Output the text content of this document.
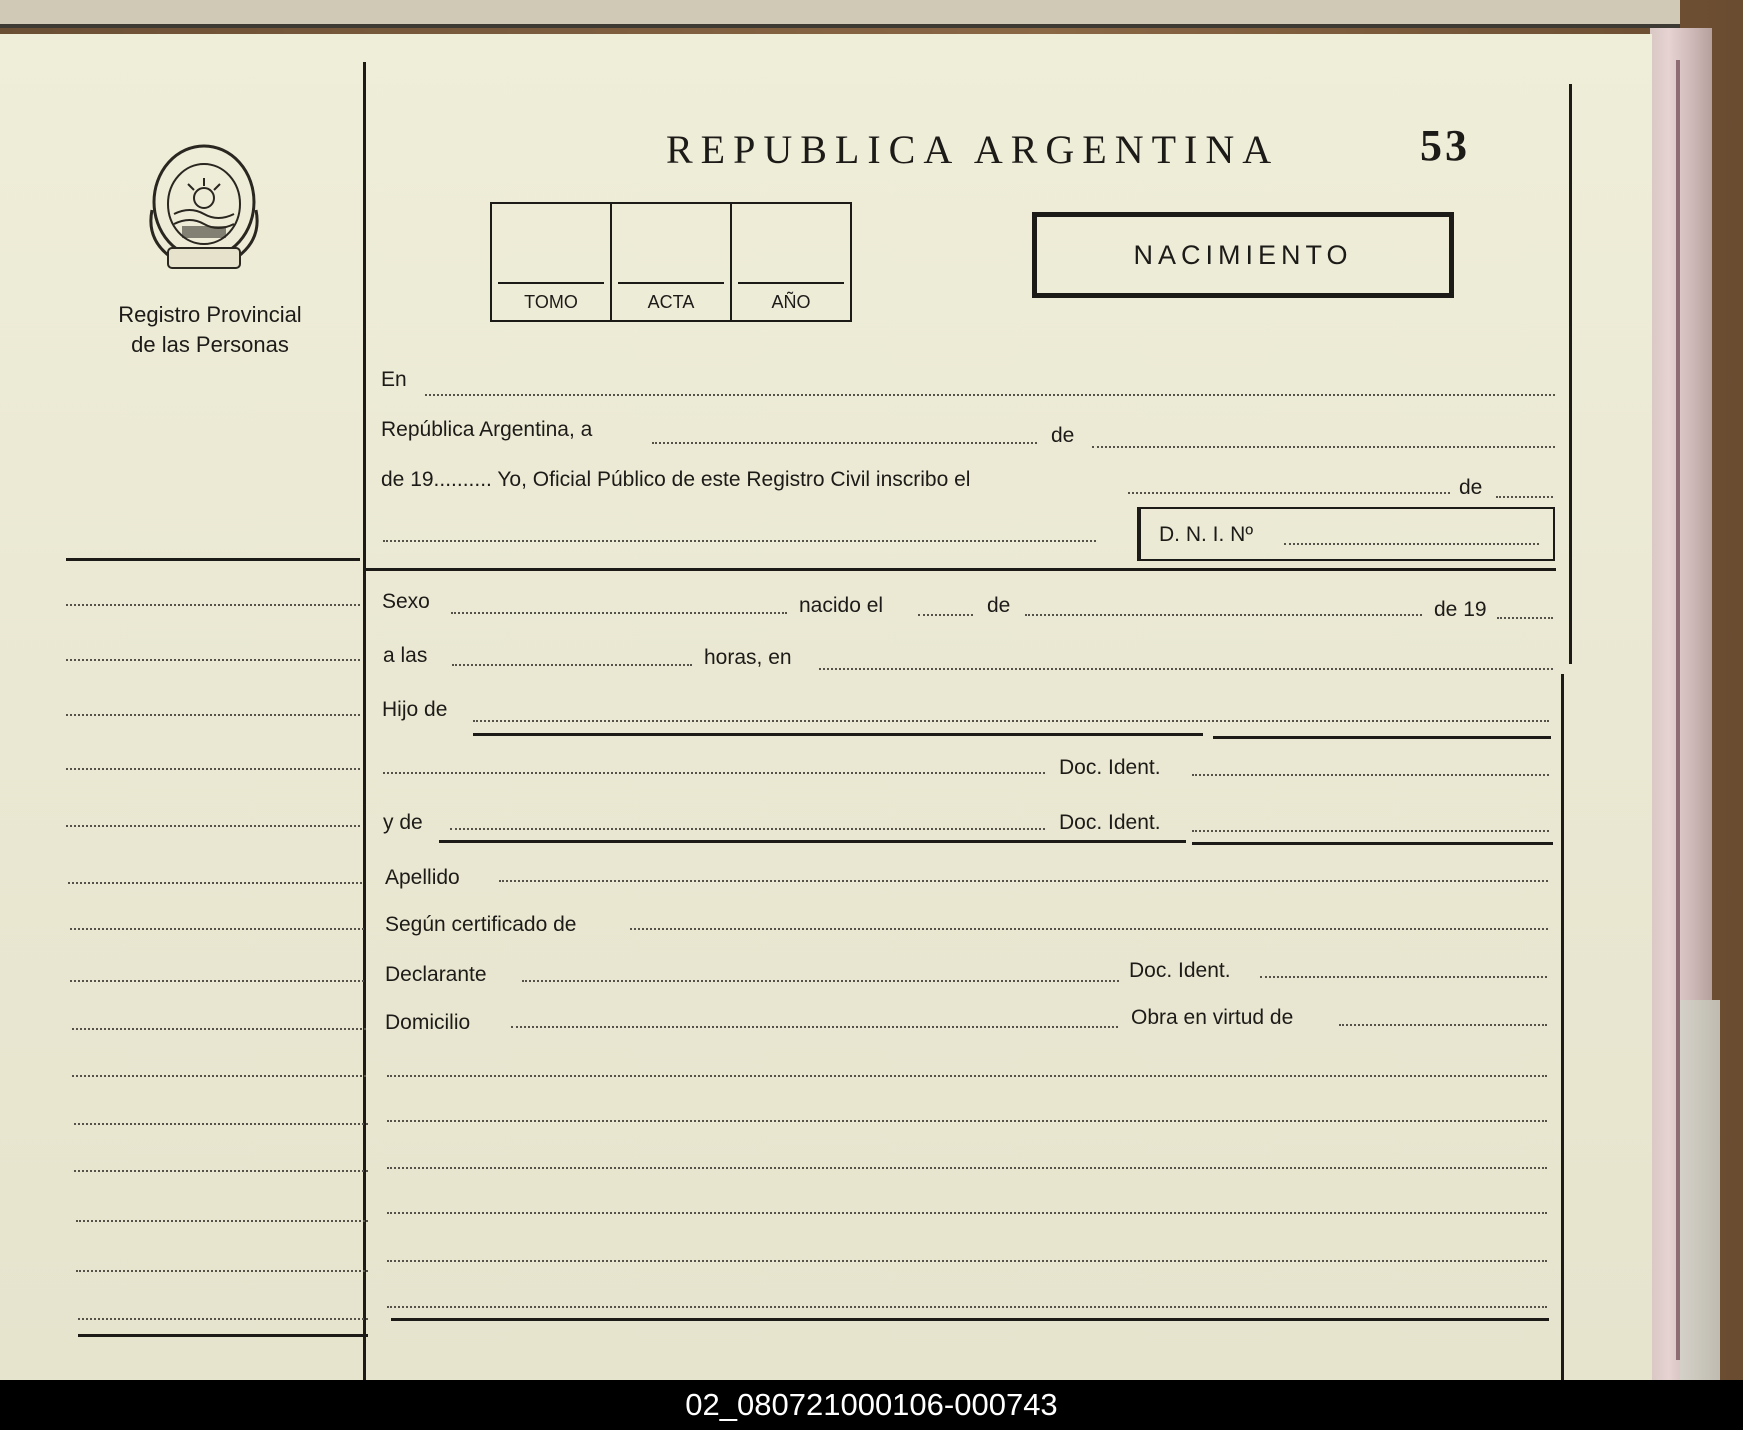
REPUBLICA ARGENTINA	53
Registro Provincial
de las Personas
TOMO	ACTA	AÑO
NACIMIENTO
En
República Argentina, a	de
de 19.......... Yo, Oficial Público de este Registro Civil inscribo el	de
D. N. I. Nº
Sexo	nacido el	de	de 19
a las	horas, en
Hijo de
Doc. Ident.
y de	Doc. Ident.
Apellido
Según certificado de
Declarante	Doc. Ident.
Domicilio	Obra en virtud de
02_080721000106-000743
